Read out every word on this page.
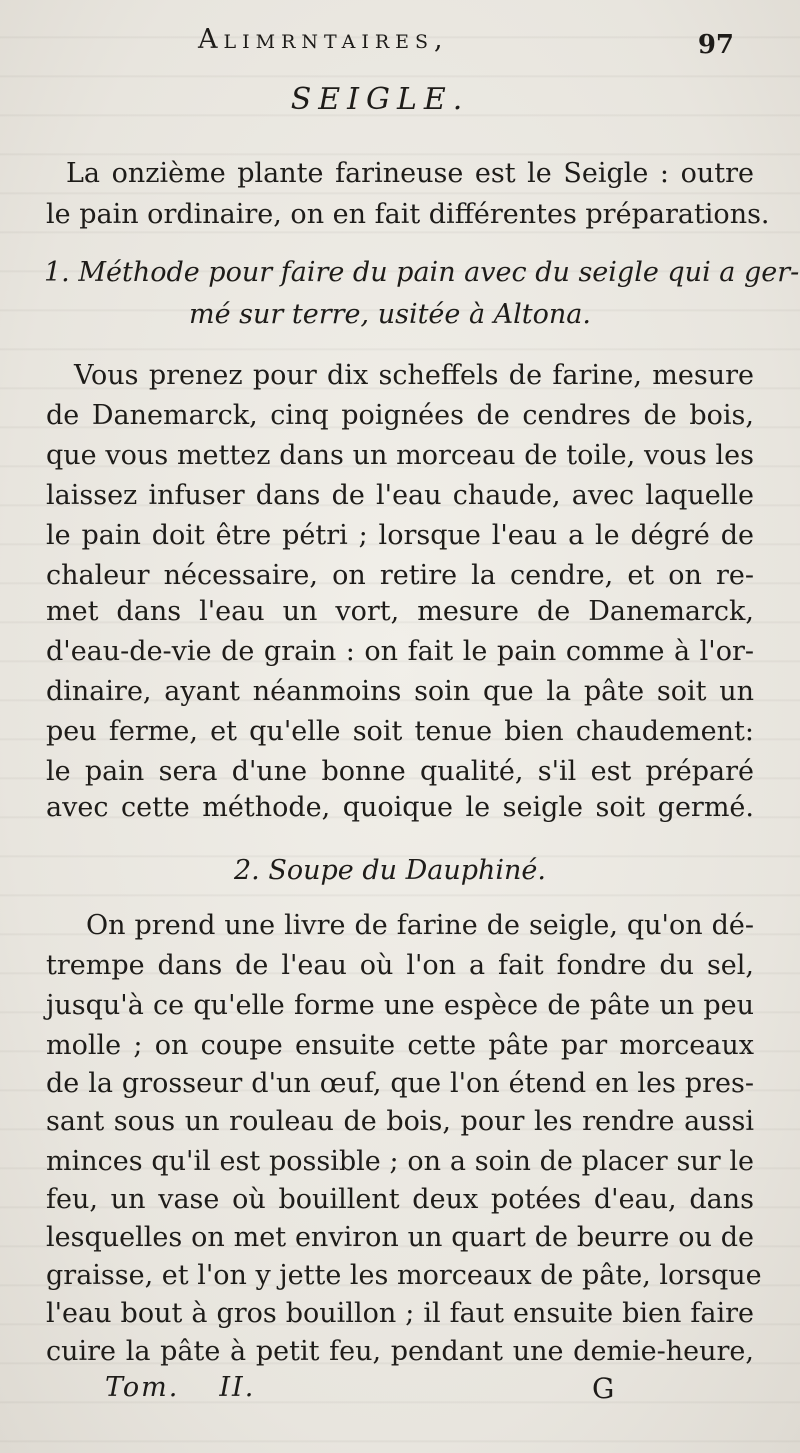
Alimrntaires,	97
SEIGLE.
La onzième plante farineuse est le Seigle : outre
le pain ordinaire, on en fait différentes préparations.
1. Méthode pour faire du pain avec du seigle qui a ger-
mé sur terre, usitée à Altona.
Vous prenez pour dix scheffels de farine, mesure
de Danemarck, cinq poignées de cendres de bois,
que vous mettez dans un morceau de toile, vous les
laissez infuser dans de l'eau chaude, avec laquelle
le pain doit être pétri ; lorsque l'eau a le dégré de
chaleur nécessaire, on retire la cendre, et on re-
met dans l'eau un vort, mesure de Danemarck,
d'eau-de-vie de grain : on fait le pain comme à l'or-
dinaire, ayant néanmoins soin que la pâte soit un
peu ferme, et qu'elle soit tenue bien chaudement:
le pain sera d'une bonne qualité, s'il est préparé
avec cette méthode, quoique le seigle soit germé.
2. Soupe du Dauphiné.
On prend une livre de farine de seigle, qu'on dé-
trempe dans de l'eau où l'on a fait fondre du sel,
jusqu'à ce qu'elle forme une espèce de pâte un peu
molle ; on coupe ensuite cette pâte par morceaux
de la grosseur d'un œuf, que l'on étend en les pres-
sant sous un rouleau de bois, pour les rendre aussi
minces qu'il est possible ; on a soin de placer sur le
feu, un vase où bouillent deux potées d'eau, dans
lesquelles on met environ un quart de beurre ou de
graisse, et l'on y jette les morceaux de pâte, lorsque
l'eau bout à gros bouillon ; il faut ensuite bien faire
cuire la pâte à petit feu, pendant une demie-heure,
Tom. II.	G
